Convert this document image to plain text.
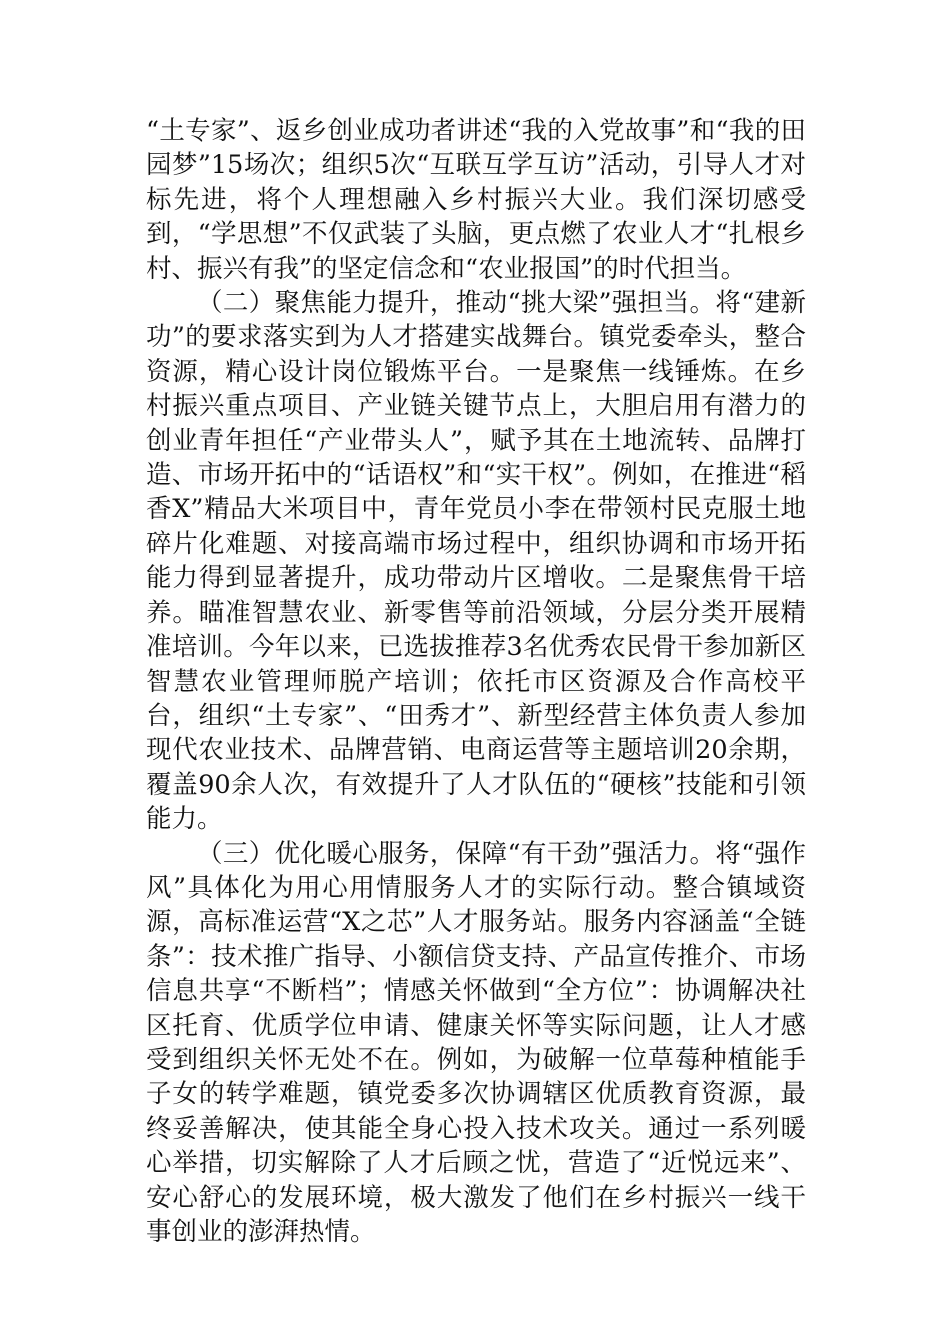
“土专家”、返乡创业成功者讲述“我的入党故事”和“我的田园梦”15场次；组织5次“互联互学互访”活动，引导人才对标先进，将个人理想融入乡村振兴大业。我们深切感受到，“学思想”不仅武装了头脑，更点燃了农业人才“扎根乡村、振兴有我”的坚定信念和“农业报国”的时代担当。

（二）聚焦能力提升，推动“挑大梁”强担当。将“建新功”的要求落实到为人才搭建实战舞台。镇党委牵头，整合资源，精心设计岗位锻炼平台。一是聚焦一线锤炼。在乡村振兴重点项目、产业链关键节点上，大胆启用有潜力的创业青年担任“产业带头人”，赋予其在土地流转、品牌打造、市场开拓中的“话语权”和“实干权”。例如，在推进“稻香X”精品大米项目中，青年党员小李在带领村民克服土地碎片化难题、对接高端市场过程中，组织协调和市场开拓能力得到显著提升，成功带动片区增收。二是聚焦骨干培养。瞄准智慧农业、新零售等前沿领域，分层分类开展精准培训。今年以来，已选拔推荐3名优秀农民骨干参加新区智慧农业管理师脱产培训；依托市区资源及合作高校平台，组织“土专家”、“田秀才”、新型经营主体负责人参加现代农业技术、品牌营销、电商运营等主题培训20余期，覆盖90余人次，有效提升了人才队伍的“硬核”技能和引领能力。

（三）优化暖心服务，保障“有干劲”强活力。将“强作风”具体化为用心用情服务人才的实际行动。整合镇域资源，高标准运营“X之芯”人才服务站。服务内容涵盖“全链条”：技术推广指导、小额信贷支持、产品宣传推介、市场信息共享“不断档”；情感关怀做到“全方位”：协调解决社区托育、优质学位申请、健康关怀等实际问题，让人才感受到组织关怀无处不在。例如，为破解一位草莓种植能手子女的转学难题，镇党委多次协调辖区优质教育资源，最终妥善解决，使其能全身心投入技术攻关。通过一系列暖心举措，切实解除了人才后顾之忧，营造了“近悦远来”、安心舒心的发展环境，极大激发了他们在乡村振兴一线干事创业的澎湃热情。
